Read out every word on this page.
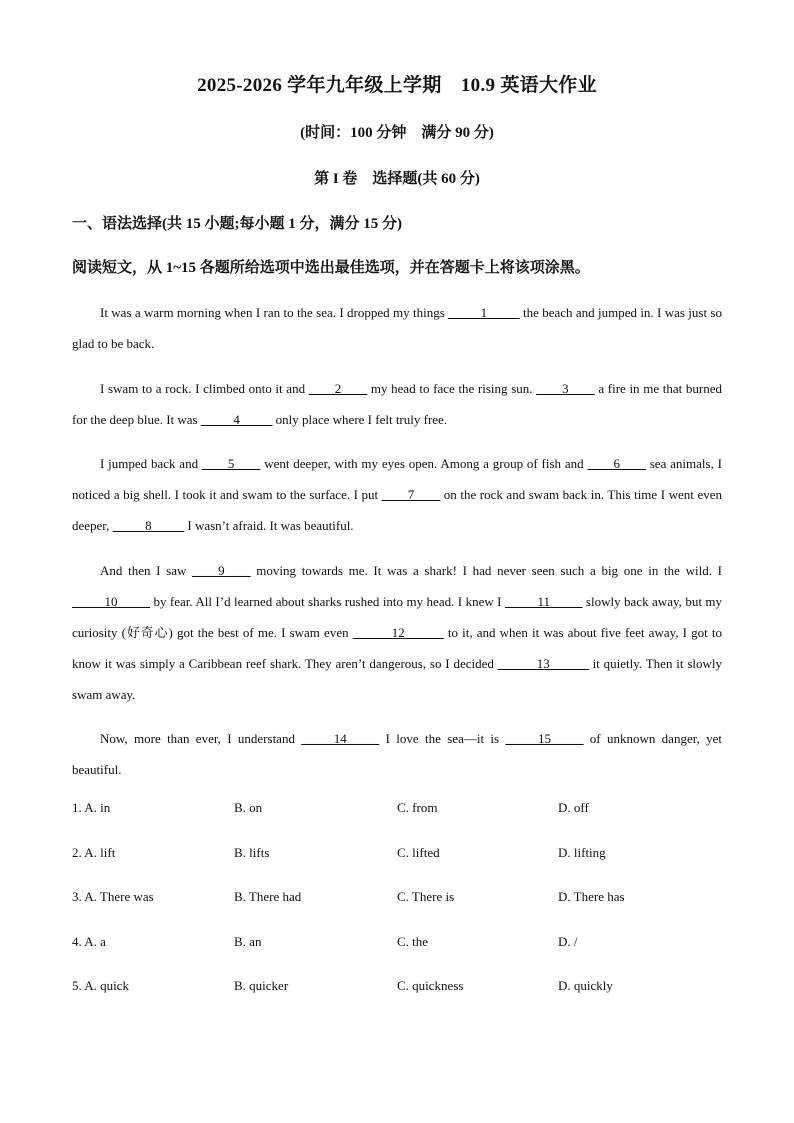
2025-2026 学年九年级上学期　10.9 英语大作业
(时间：100 分钟　满分 90 分)
第 I 卷　选择题(共 60 分)
一、语法选择(共 15 小题;每小题 1 分，满分 15 分)
阅读短文，从 1~15 各题所给选项中选出最佳选项，并在答题卡上将该项涂黑。

It was a warm morning when I ran to the sea. I dropped my things _____1_____ the beach and jumped in. I was just so glad to be back.

I swam to a rock. I climbed onto it and ____2____ my head to face the rising sun. ____3____ a fire in me that burned for the deep blue. It was _____4_____ only place where I felt truly free.

I jumped back and ____5____ went deeper, with my eyes open. Among a group of fish and ____6____ sea animals, I noticed a big shell. I took it and swam to the surface. I put ____7____ on the rock and swam back in. This time I went even deeper, _____8_____ I wasn’t afraid. It was beautiful.

And then I saw ____9____ moving towards me. It was a shark! I had never seen such a big one in the wild. I _____10_____ by fear. All I’d learned about sharks rushed into my head. I knew I _____11_____ slowly back away, but my curiosity (好奇心) got the best of me. I swam even ______12______ to it, and when it was about five feet away, I got to know it was simply a Caribbean reef shark. They aren’t dangerous, so I decided ______13______ it quietly. Then it slowly swam away.

Now, more than ever, I understand _____14_____ I love the sea—it is _____15_____ of unknown danger, yet beautiful.

1. A. in	B. on	C. from	D. off
2. A. lift	B. lifts	C. lifted	D. lifting
3. A. There was	B. There had	C. There is	D. There has
4. A. a	B. an	C. the	D. /
5. A. quick	B. quicker	C. quickness	D. quickly
